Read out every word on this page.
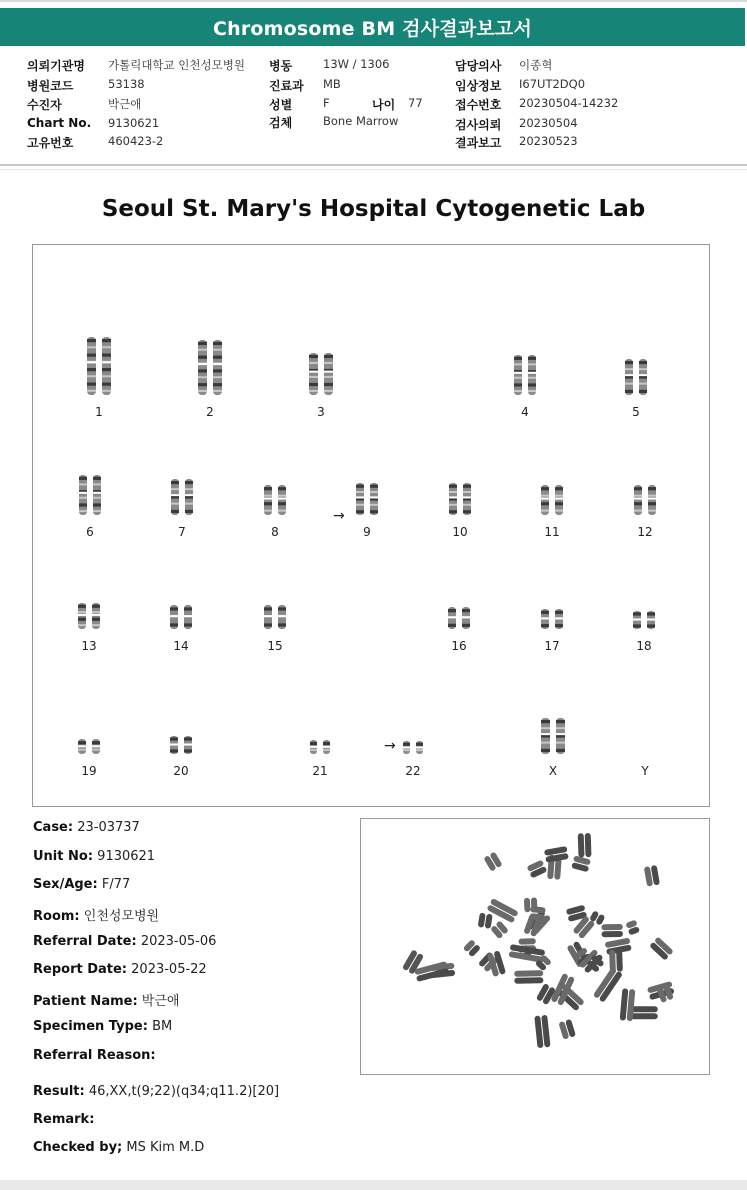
Chromosome BM 검사결과보고서
의뢰기관명 가톨릭대학교 인천성모병원
병원코드	53138
수진자	박근애
Chart No. 9130621
고유번호	460423-2
병동	13W / 1306
진료과 MB
성별	F	나이 77
검체	Bone Marrow
담당의사 이종혁
임상정보 I67UT2DQ0
접수번호 20230504-14232
검사의뢰 20230504
결과보고 20230523
Seoul St. Mary's Hospital Cytogenetic Lab
→
→
1	2	3	4	5
6	7	8	9	10	11	12
13	14	15	16	17	18
19	20	21	22	X	Y
Case: 23-03737
Unit No: 9130621
Sex/Age: F/77
Room: 인천성모병원
Referral Date: 2023-05-06
Report Date: 2023-05-22
Patient Name: 박근애
Specimen Type: BM
Referral Reason:
Result: 46,XX,t(9;22)(q34;q11.2)[20]
Remark:
Checked by; MS Kim M.D
